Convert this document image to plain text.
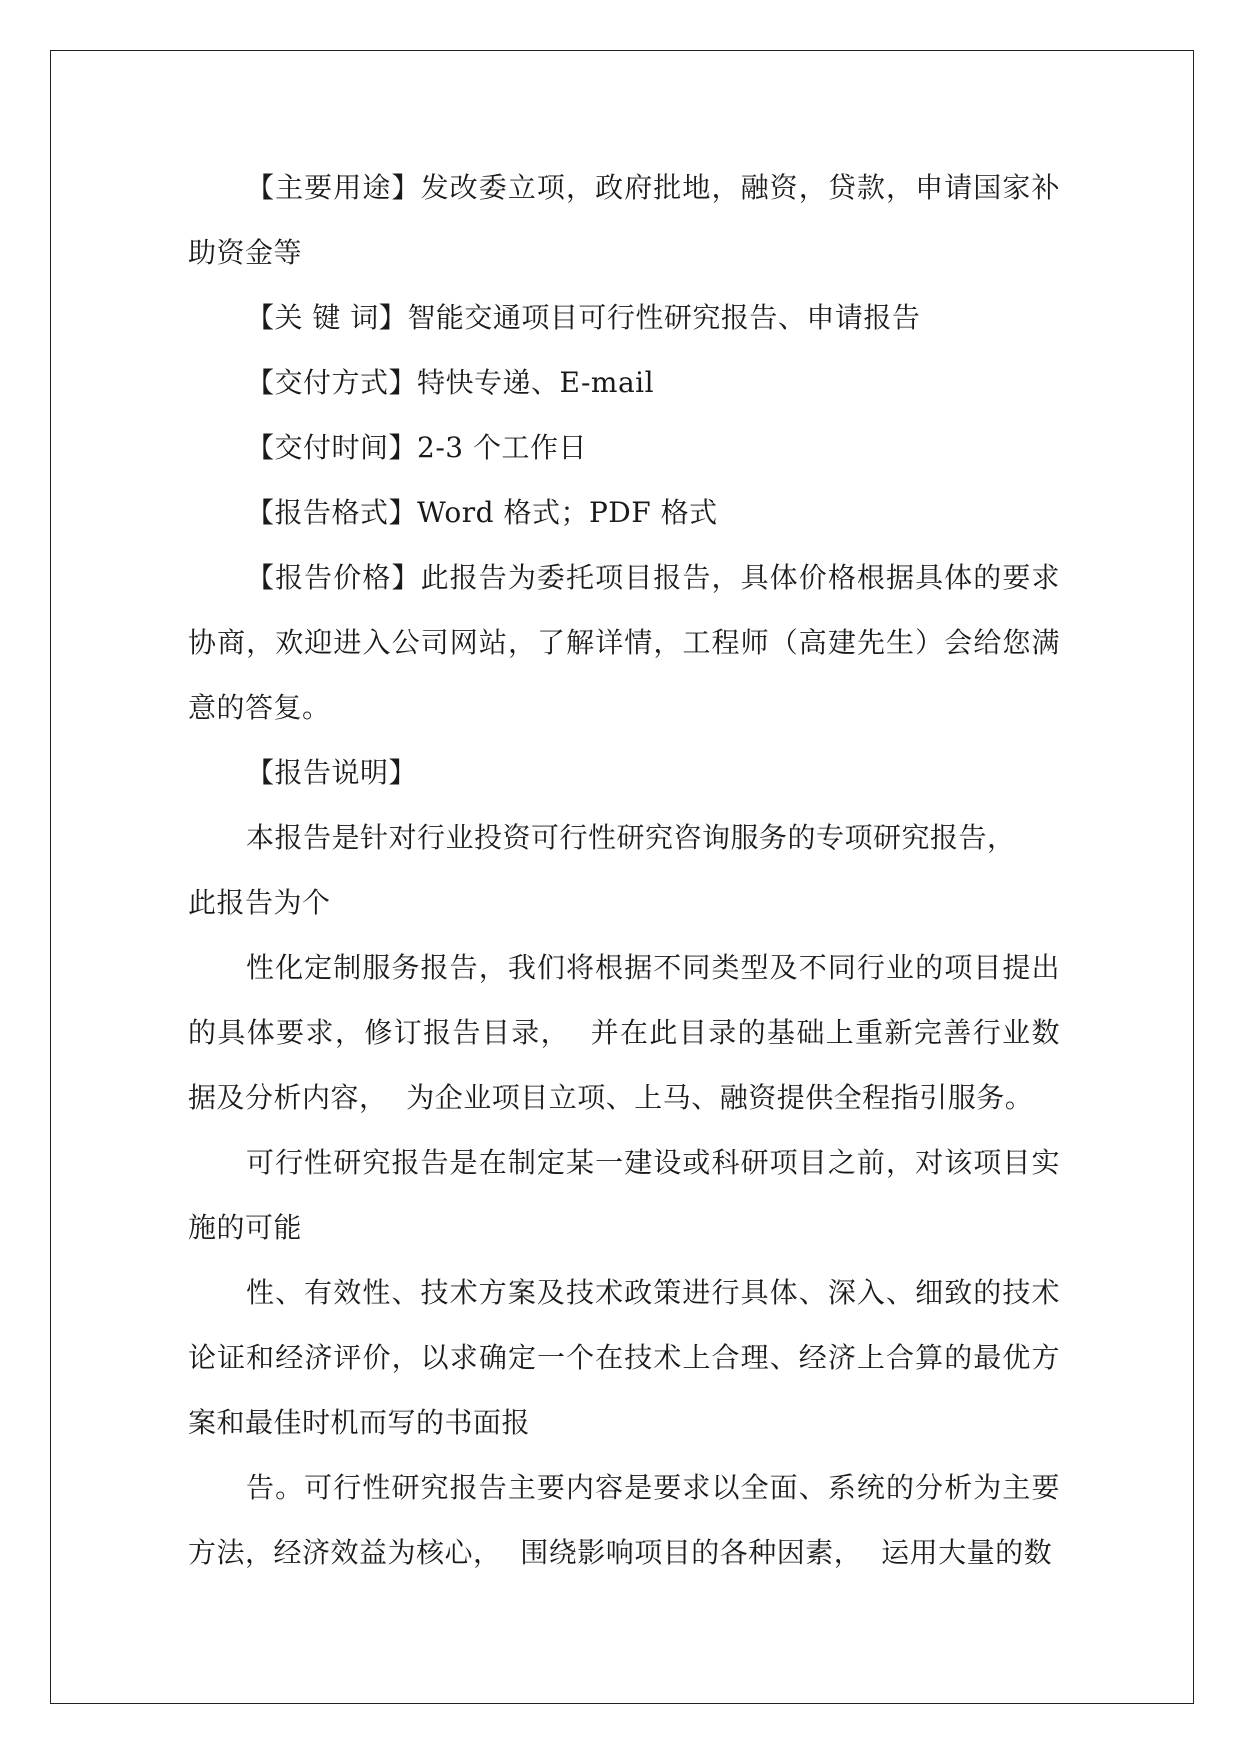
【主要用途】发改委立项，政府批地，融资，贷款，申请国家补助资金等

【关 键 词】智能交通项目可行性研究报告、申请报告

【交付方式】特快专递、E-mail

【交付时间】2-3 个工作日

【报告格式】Word 格式；PDF 格式

【报告价格】此报告为委托项目报告，具体价格根据具体的要求协商，欢迎进入公司网站，了解详情，工程师（高建先生）会给您满意的答复。

【报告说明】

本报告是针对行业投资可行性研究咨询服务的专项研究报告，

此报告为个

性化定制服务报告，我们将根据不同类型及不同行业的项目提出的具体要求，修订报告目录，  并在此目录的基础上重新完善行业数据及分析内容，  为企业项目立项、上马、融资提供全程指引服务。

可行性研究报告是在制定某一建设或科研项目之前，对该项目实施的可能

性、有效性、技术方案及技术政策进行具体、深入、细致的技术论证和经济评价，以求确定一个在技术上合理、经济上合算的最优方案和最佳时机而写的书面报

告。可行性研究报告主要内容是要求以全面、系统的分析为主要方法，经济效益为核心，  围绕影响项目的各种因素，  运用大量的数
